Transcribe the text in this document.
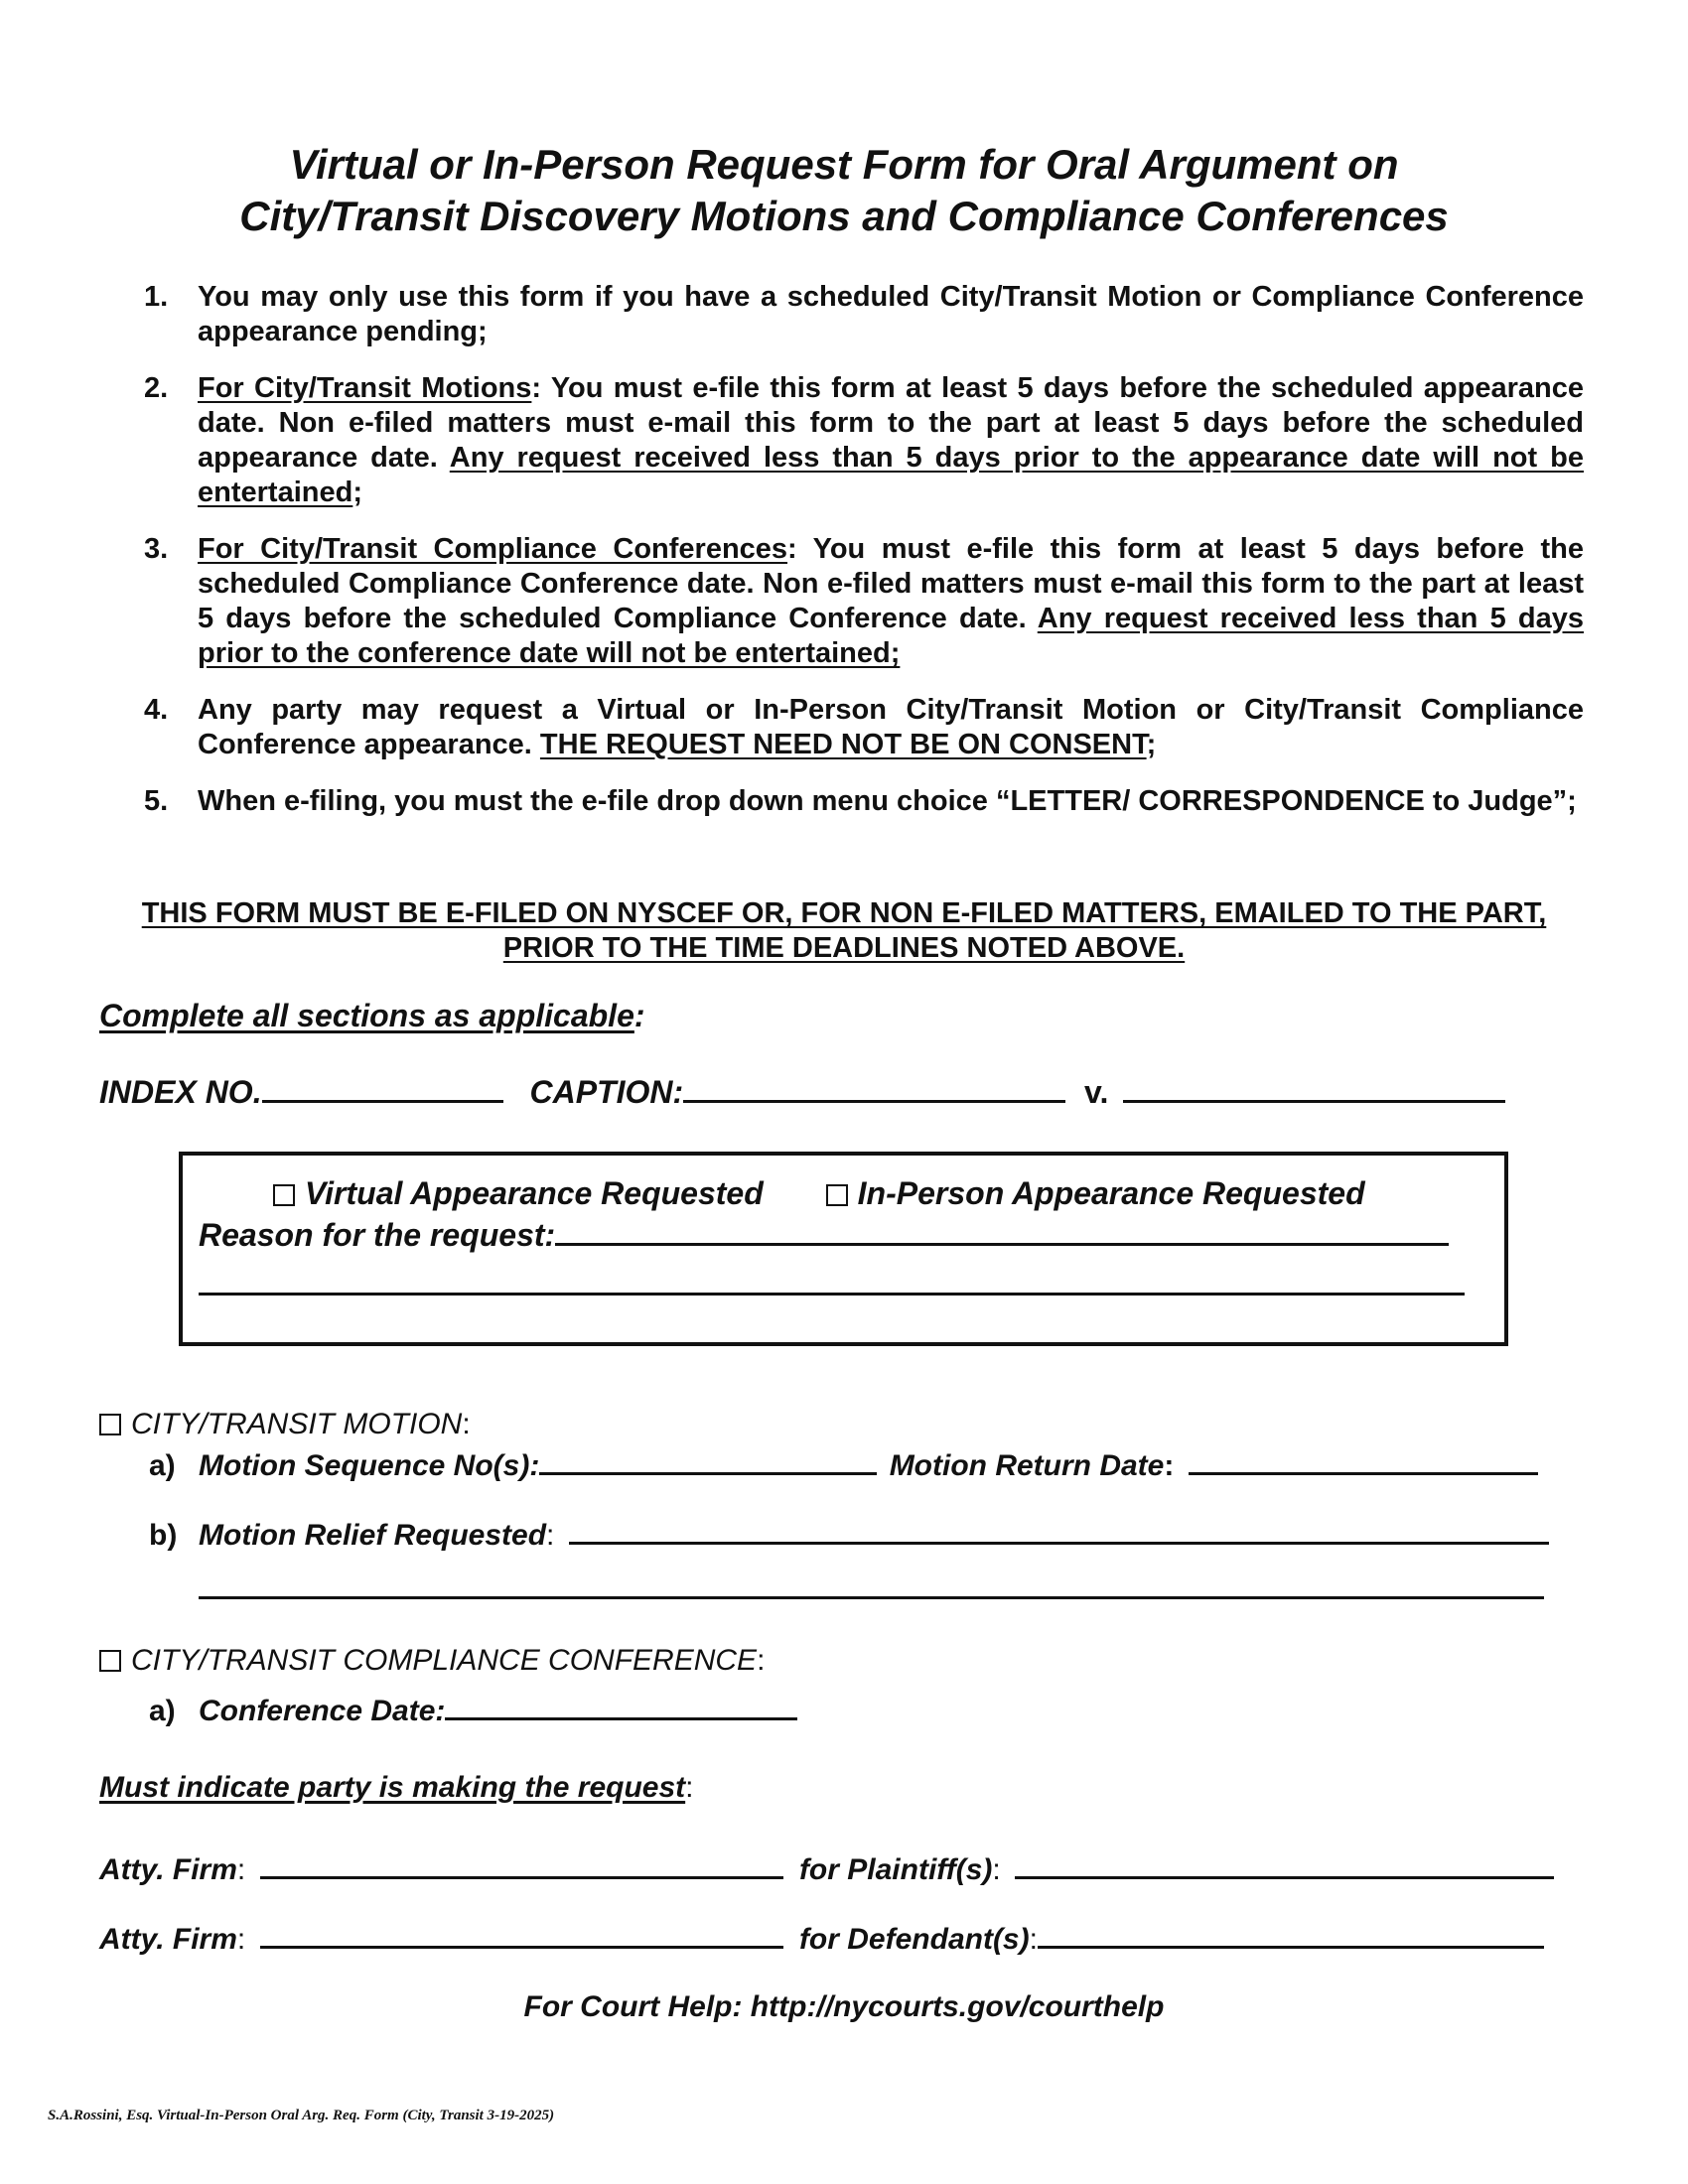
Virtual or In-Person Request Form for Oral Argument on
City/Transit Discovery Motions and Compliance Conferences
1. You may only use this form if you have a scheduled City/Transit Motion or Compliance Conference appearance pending;
2. For City/Transit Motions: You must e-file this form at least 5 days before the scheduled appearance date. Non e-filed matters must e-mail this form to the part at least 5 days before the scheduled appearance date. Any request received less than 5 days prior to the appearance date will not be entertained;
3. For City/Transit Compliance Conferences: You must e-file this form at least 5 days before the scheduled Compliance Conference date. Non e-filed matters must e-mail this form to the part at least 5 days before the scheduled Compliance Conference date. Any request received less than 5 days prior to the conference date will not be entertained;
4. Any party may request a Virtual or In-Person City/Transit Motion or City/Transit Compliance Conference appearance. THE REQUEST NEED NOT BE ON CONSENT;
5. When e-filing, you must the e-file drop down menu choice “LETTER/ CORRESPONDENCE to Judge”;
THIS FORM MUST BE E-FILED ON NYSCEF OR, FOR NON E-FILED MATTERS, EMAILED TO THE PART,
PRIOR TO THE TIME DEADLINES NOTED ABOVE.
Complete all sections as applicable:
INDEX NO.	CAPTION:	v.
Virtual Appearance Requested	In-Person Appearance Requested
Reason for the request:
CITY/TRANSIT MOTION:
a) Motion Sequence No(s):	Motion Return Date:
b) Motion Relief Requested:
CITY/TRANSIT COMPLIANCE CONFERENCE:
a) Conference Date:
Must indicate party is making the request:
Atty. Firm:	for Plaintiff(s):
Atty. Firm:	for Defendant(s):
For Court Help: http://nycourts.gov/courthelp
S.A.Rossini, Esq. Virtual-In-Person Oral Arg. Req. Form (City, Transit 3-19-2025)
